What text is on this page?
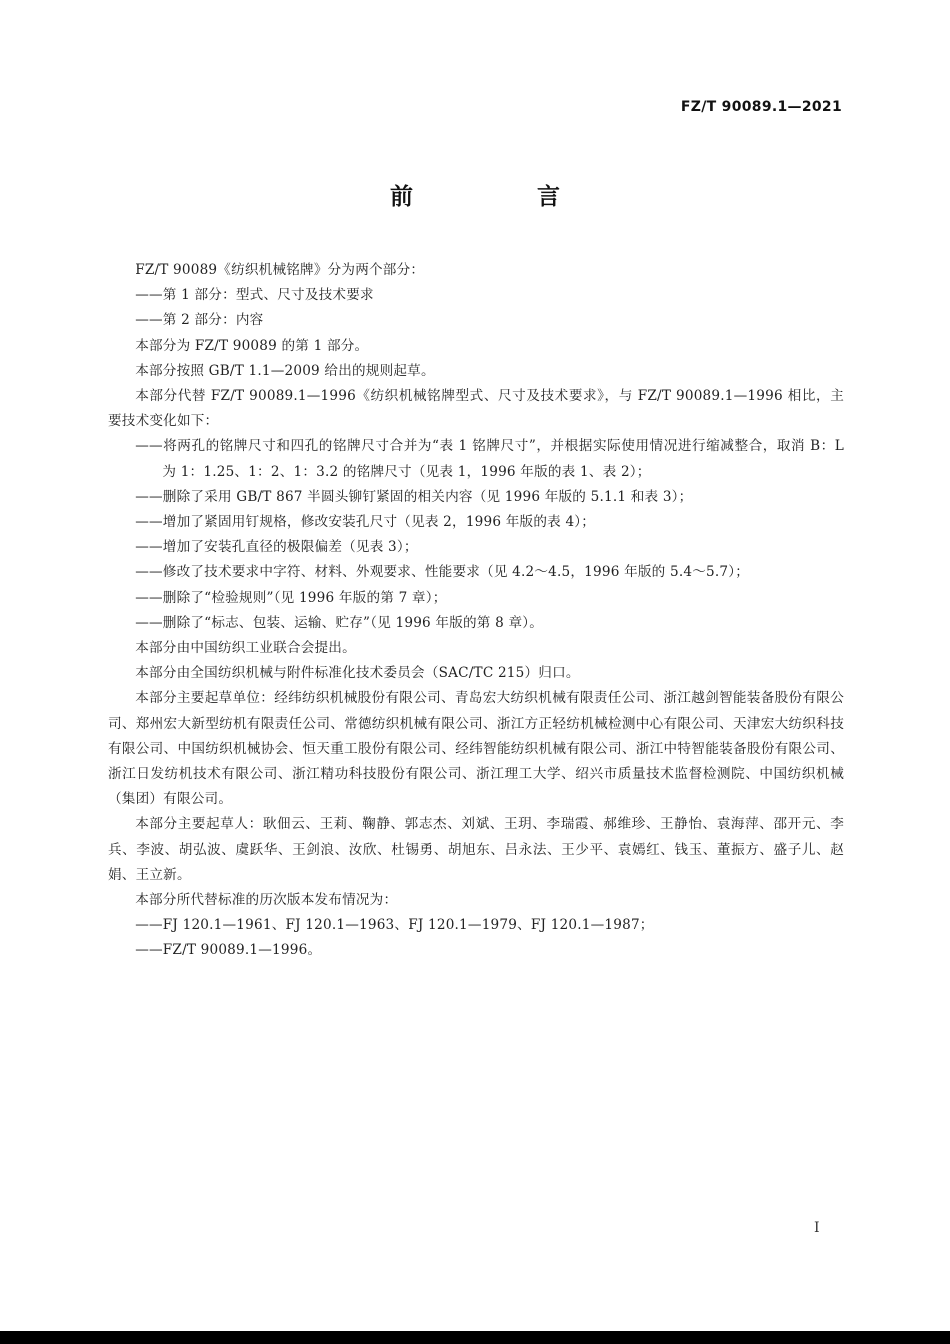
FZ/T 90089.1—2021
前 言

FZ/T 90089《纺织机械铭牌》分为两个部分：

——第 1 部分：型式、尺寸及技术要求

——第 2 部分：内容

本部分为 FZ/T 90089 的第 1 部分。

本部分按照 GB/T 1.1—2009 给出的规则起草。

本部分代替 FZ/T 90089.1—1996《纺织机械铭牌型式、尺寸及技术要求》，与 FZ/T 90089.1—1996 相比，主要技术变化如下：

——将两孔的铭牌尺寸和四孔的铭牌尺寸合并为“表 1 铭牌尺寸”，并根据实际使用情况进行缩减整合，取消 B：L 为 1：1.25、1：2、1：3.2 的铭牌尺寸（见表 1，1996 年版的表 1、表 2）；

——删除了采用 GB/T 867 半圆头铆钉紧固的相关内容（见 1996 年版的 5.1.1 和表 3）；

——增加了紧固用钉规格，修改安装孔尺寸（见表 2，1996 年版的表 4）；

——增加了安装孔直径的极限偏差（见表 3）；

——修改了技术要求中字符、材料、外观要求、性能要求（见 4.2～4.5，1996 年版的 5.4～5.7）；

——删除了“检验规则”（见 1996 年版的第 7 章）；

——删除了“标志、包装、运输、贮存”（见 1996 年版的第 8 章）。

本部分由中国纺织工业联合会提出。

本部分由全国纺织机械与附件标准化技术委员会（SAC/TC 215）归口。

本部分主要起草单位：经纬纺织机械股份有限公司、青岛宏大纺织机械有限责任公司、浙江越剑智能装备股份有限公司、郑州宏大新型纺机有限责任公司、常德纺织机械有限公司、浙江方正轻纺机械检测中心有限公司、天津宏大纺织科技有限公司、中国纺织机械协会、恒天重工股份有限公司、经纬智能纺织机械有限公司、浙江中特智能装备股份有限公司、浙江日发纺机技术有限公司、浙江精功科技股份有限公司、浙江理工大学、绍兴市质量技术监督检测院、中国纺织机械（集团）有限公司。

本部分主要起草人：耿佃云、王莉、鞠静、郭志杰、刘斌、王玥、李瑞霞、郝维珍、王静怡、袁海萍、邵开元、李兵、李波、胡弘波、虞跃华、王剑浪、汝欣、杜锡勇、胡旭东、吕永法、王少平、袁嫣红、钱玉、董振方、盛子儿、赵娟、王立新。

本部分所代替标准的历次版本发布情况为：

——FJ 120.1—1961、FJ 120.1—1963、FJ 120.1—1979、FJ 120.1—1987；

——FZ/T 90089.1—1996。

I
